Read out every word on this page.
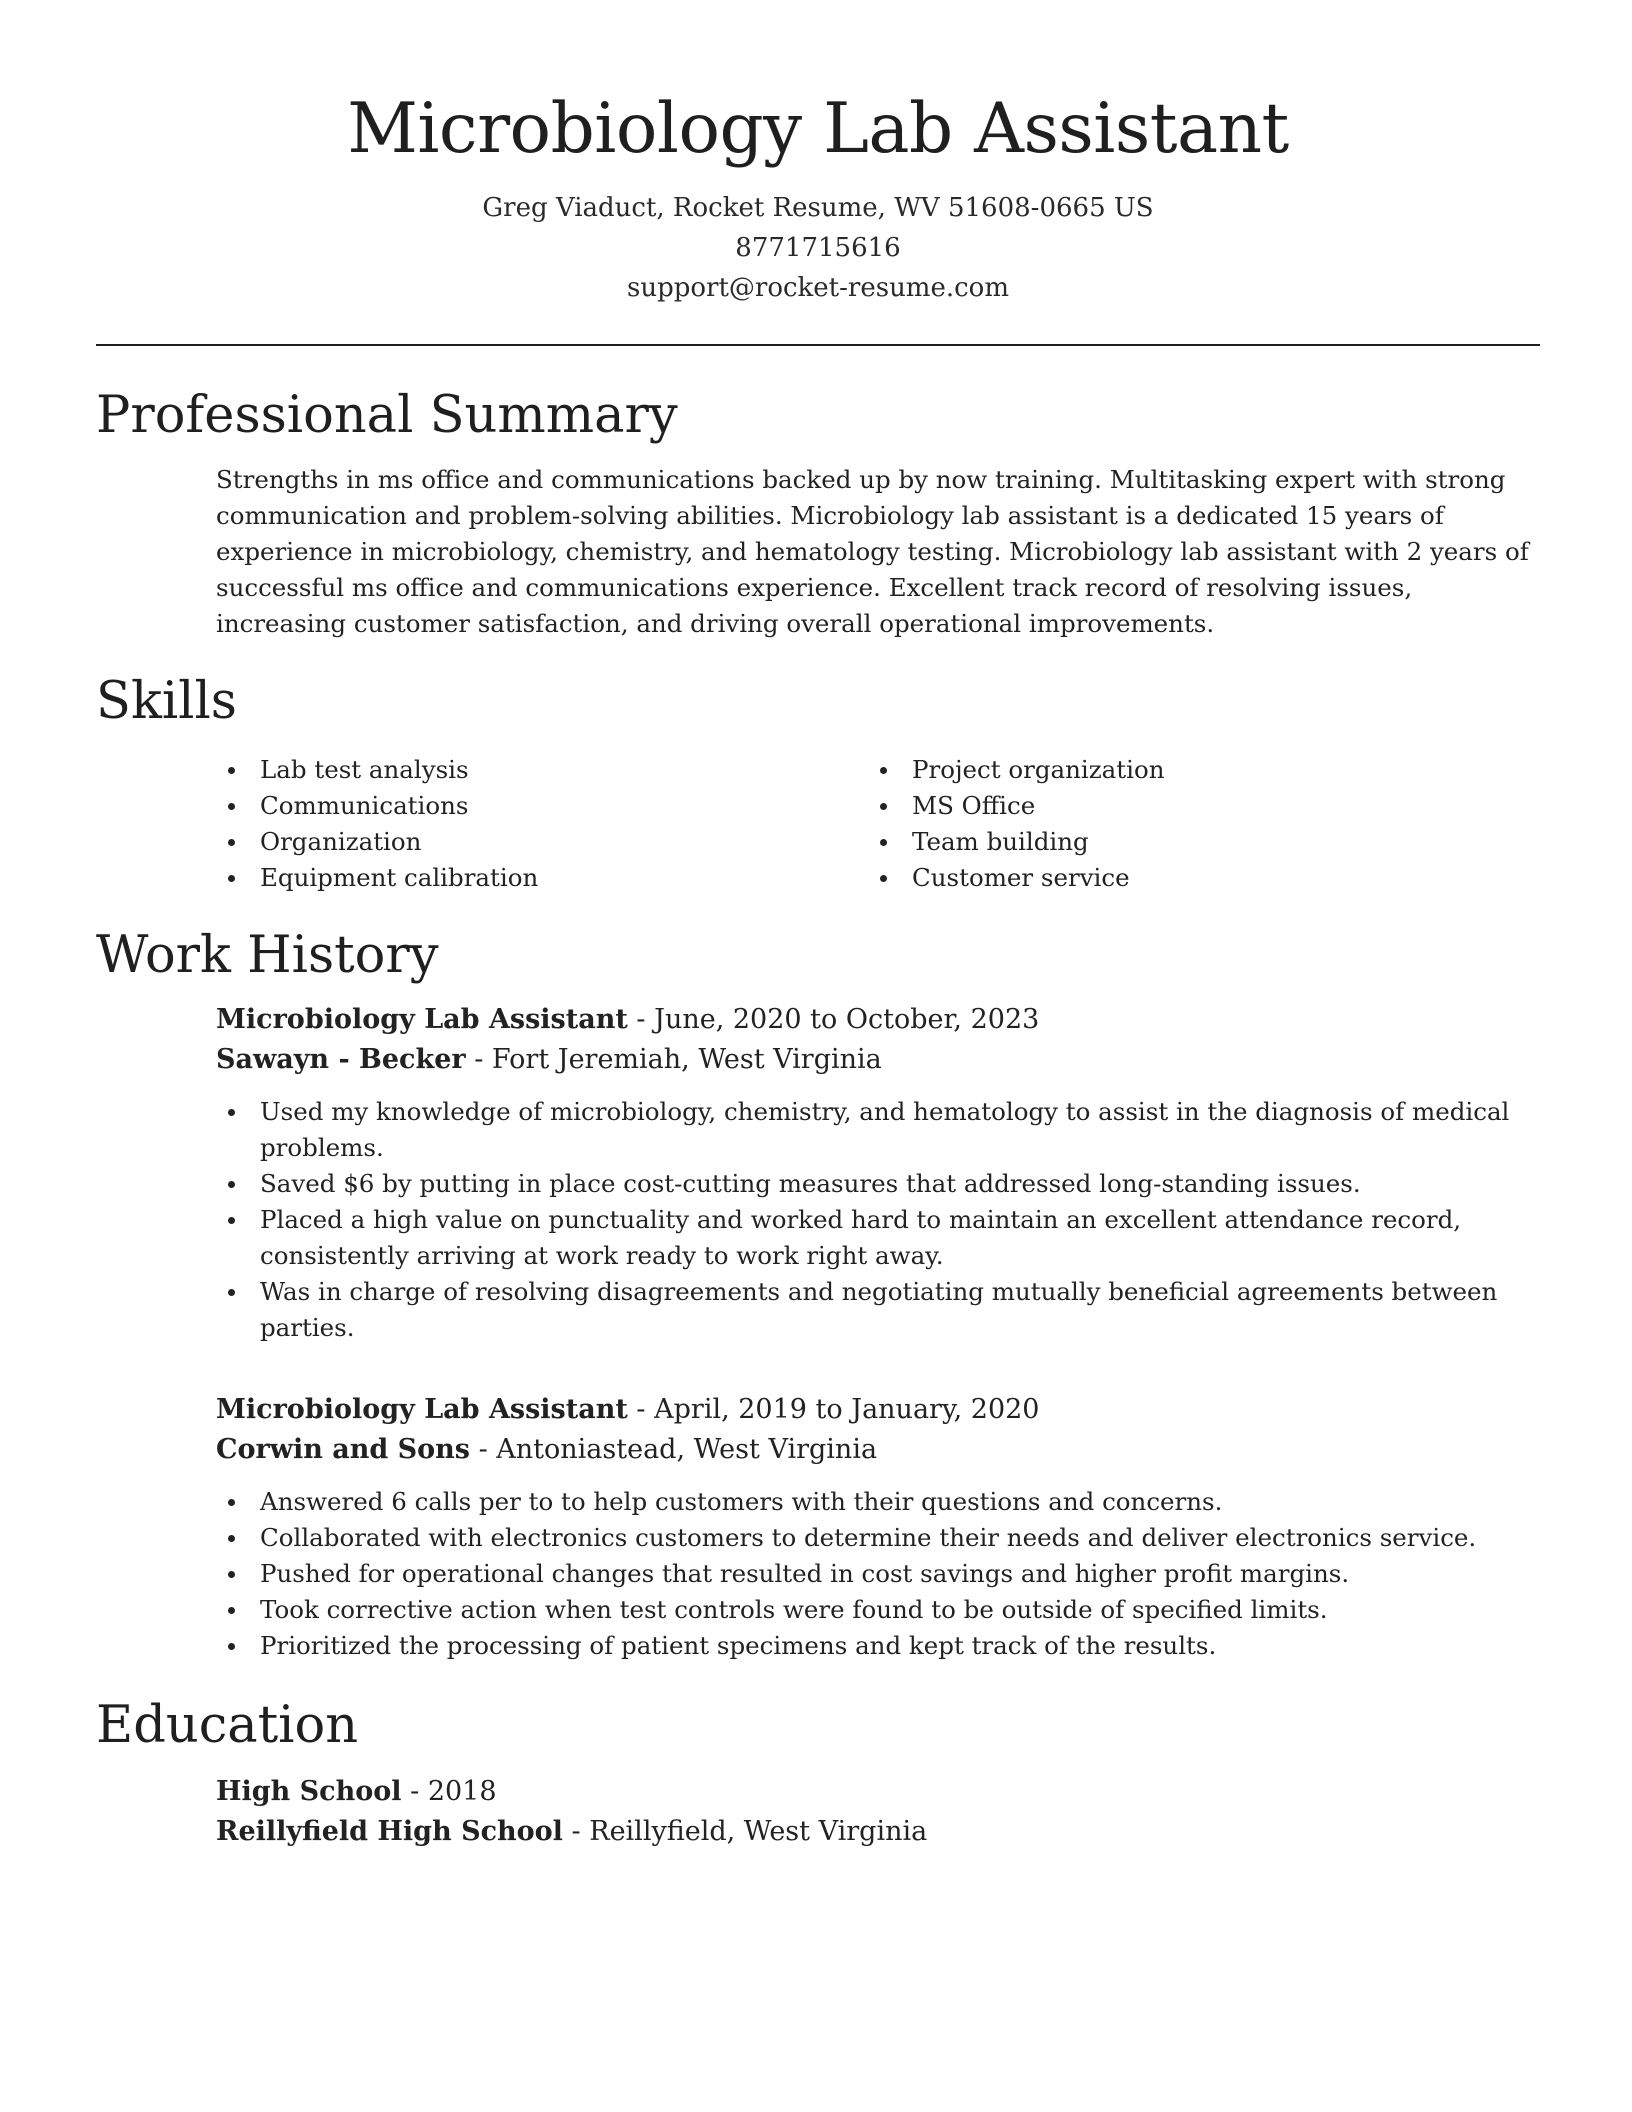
Microbiology Lab Assistant
Greg Viaduct, Rocket Resume, WV 51608-0665 US
8771715616
support@rocket-resume.com
Professional Summary
Strengths in ms office and communications backed up by now training. Multitasking expert with strong communication and problem-solving abilities. Microbiology lab assistant is a dedicated 15 years of experience in microbiology, chemistry, and hematology testing. Microbiology lab assistant with 2 years of successful ms office and communications experience. Excellent track record of resolving issues, increasing customer satisfaction, and driving overall operational improvements.
Skills
Lab test analysis
Communications
Organization
Equipment calibration
Project organization
MS Office
Team building
Customer service
Work History
Microbiology Lab Assistant - June, 2020 to October, 2023
Sawayn - Becker - Fort Jeremiah, West Virginia
Used my knowledge of microbiology, chemistry, and hematology to assist in the diagnosis of medical problems.
Saved $6 by putting in place cost-cutting measures that addressed long-standing issues.
Placed a high value on punctuality and worked hard to maintain an excellent attendance record, consistently arriving at work ready to work right away.
Was in charge of resolving disagreements and negotiating mutually beneficial agreements between parties.
Microbiology Lab Assistant - April, 2019 to January, 2020
Corwin and Sons - Antoniastead, West Virginia
Answered 6 calls per to to help customers with their questions and concerns.
Collaborated with electronics customers to determine their needs and deliver electronics service.
Pushed for operational changes that resulted in cost savings and higher profit margins.
Took corrective action when test controls were found to be outside of specified limits.
Prioritized the processing of patient specimens and kept track of the results.
Education
High School - 2018
Reillyfield High School - Reillyfield, West Virginia
